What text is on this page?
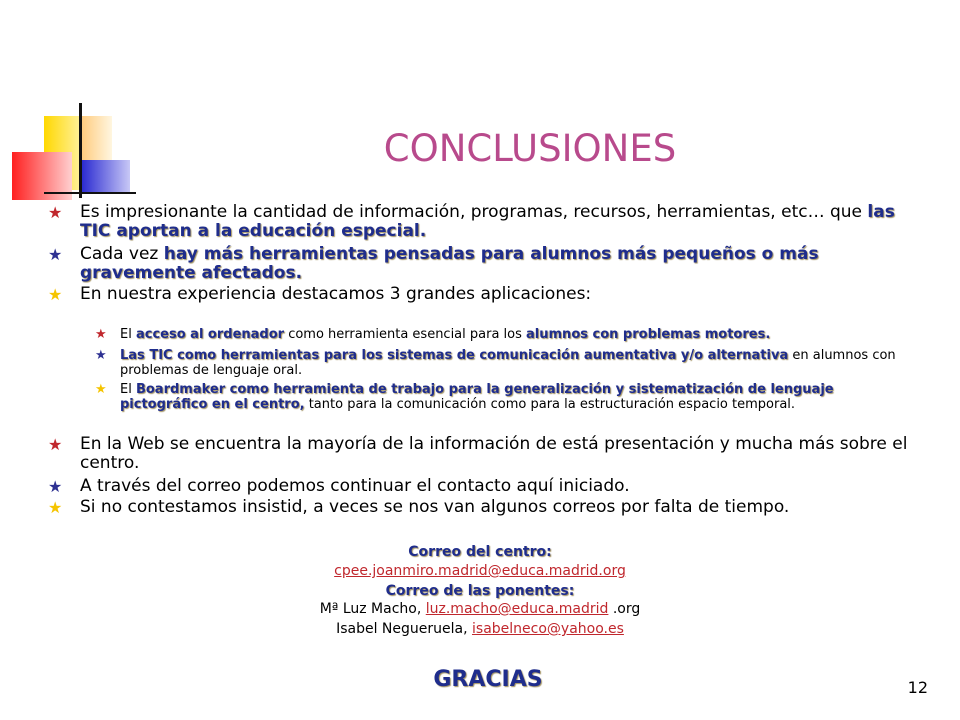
CONCLUSIONES
★	Es impresionante la cantidad de información, programas, recursos, herramientas, etc… que las TIC aportan a la educación especial.
★	Cada vez hay más herramientas pensadas para alumnos más pequeños o más gravemente afectados.
★	En nuestra experiencia destacamos 3 grandes aplicaciones:
★	El acceso al ordenador como herramienta esencial para los alumnos con problemas motores.
★	Las TIC como herramientas para los sistemas de comunicación aumentativa y/o alternativa en alumnos con problemas de lenguaje oral.
★	El Boardmaker como herramienta de trabajo para la generalización y sistematización de lenguaje pictográfico en el centro, tanto para la comunicación como para la estructuración espacio temporal.
★	En la Web se encuentra la mayoría de la información de está presentación y mucha más sobre el centro.
★	A través del correo podemos continuar el contacto aquí iniciado.
★	Si no contestamos insistid, a veces se nos van algunos correos por falta de tiempo.
Correo del centro:
cpee.joanmiro.madrid@educa.madrid.org
Correo de las ponentes:
Mª Luz Macho, luz.macho@educa.madrid .org
Isabel Negueruela, isabelneco@yahoo.es
GRACIAS	12
